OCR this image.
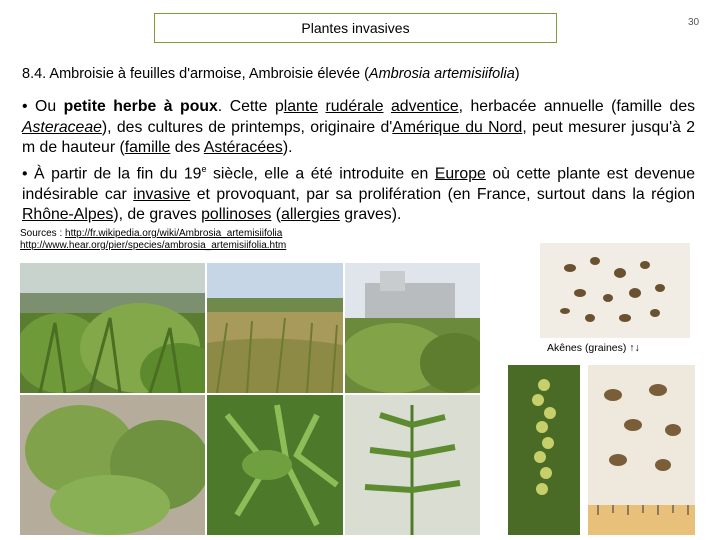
Plantes invasives	30
8.4. Ambroisie à feuilles d'armoise, Ambroisie élevée (Ambrosia artemisiifolia)

• Ou petite herbe à poux. Cette plante rudérale adventice, herbacée annuelle (famille des Asteraceae), des cultures de printemps, originaire d'Amérique du Nord, peut mesurer jusqu'à 2 m de hauteur (famille des Astéracées).

• À partir de la fin du 19e siècle, elle a été introduite en Europe où cette plante est devenue indésirable car invasive et provoquant, par sa prolifération (en France, surtout dans la région Rhône-Alpes), de graves pollinoses (allergies graves).

Sources : http://fr.wikipedia.org/wiki/Ambrosia_artemisiifolia
http://www.hear.org/pier/species/ambrosia_artemisiifolia.htm
Akênes (graines) ↑↓
